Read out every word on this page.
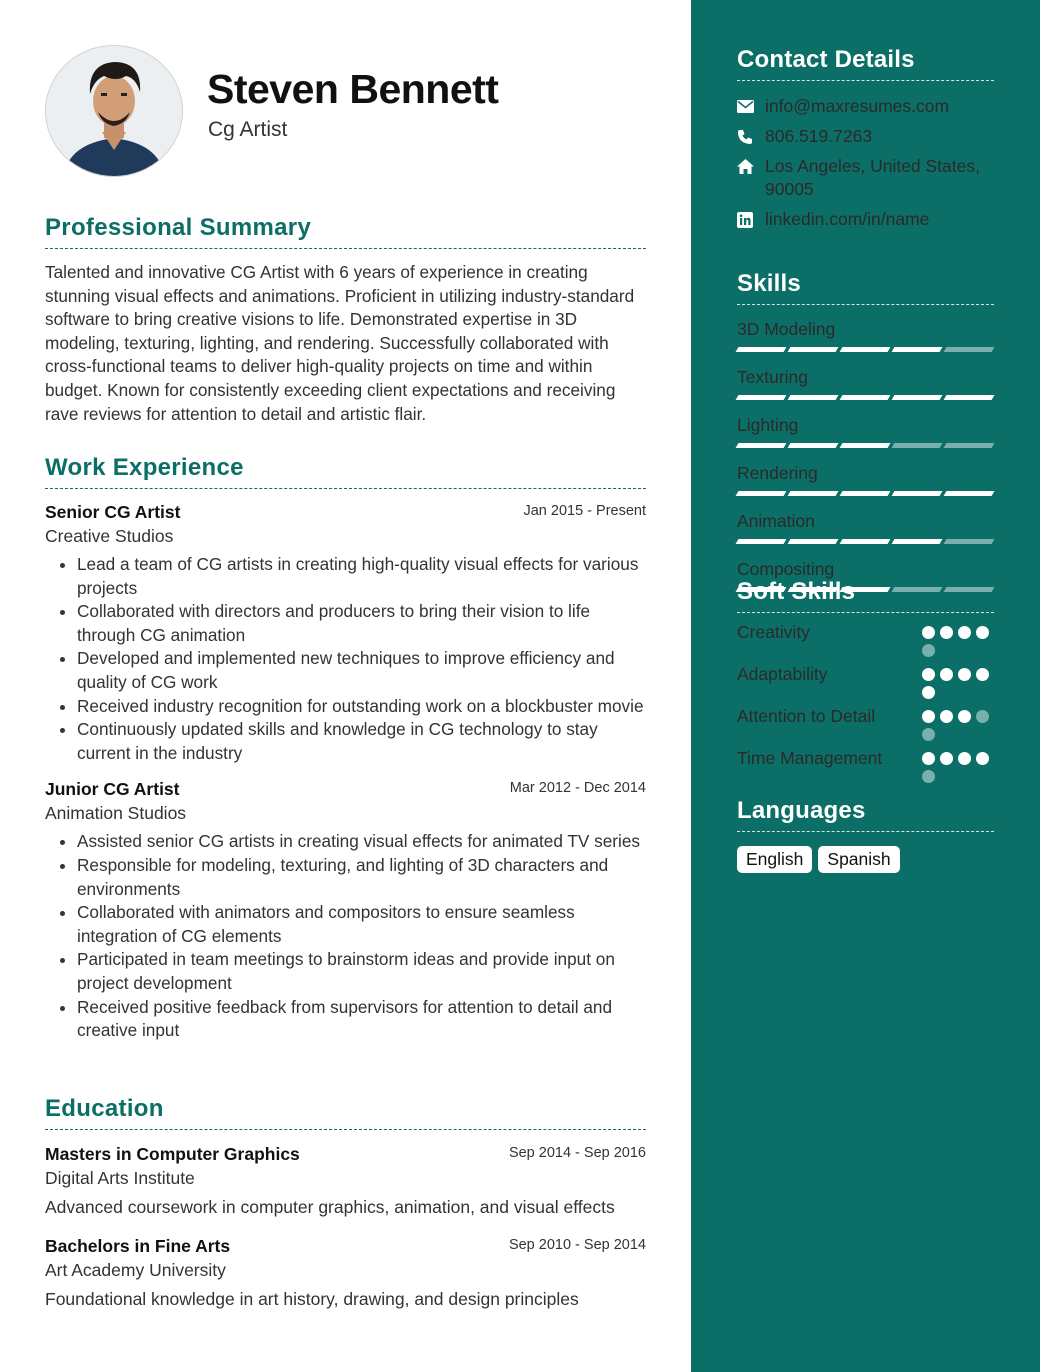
Steven Bennett
Cg Artist
Professional Summary

Talented and innovative CG Artist with 6 years of experience in creating stunning visual effects and animations. Proficient in utilizing industry-standard software to bring creative visions to life. Demonstrated expertise in 3D modeling, texturing, lighting, and rendering. Successfully collaborated with cross-functional teams to deliver high-quality projects on time and within budget. Known for consistently exceeding client expectations and receiving rave reviews for attention to detail and artistic flair.

Work Experience
Senior CG Artist	Jan 2015 - Present
Creative Studios
• Lead a team of CG artists in creating high-quality visual effects for various projects
• Collaborated with directors and producers to bring their vision to life through CG animation
• Developed and implemented new techniques to improve efficiency and quality of CG work
• Received industry recognition for outstanding work on a blockbuster movie
• Continuously updated skills and knowledge in CG technology to stay current in the industry
Junior CG Artist	Mar 2012 - Dec 2014
Animation Studios
• Assisted senior CG artists in creating visual effects for animated TV series
• Responsible for modeling, texturing, and lighting of 3D characters and environments
• Collaborated with animators and compositors to ensure seamless integration of CG elements
• Participated in team meetings to brainstorm ideas and provide input on project development
• Received positive feedback from supervisors for attention to detail and creative input
Education
Masters in Computer Graphics	Sep 2014 - Sep 2016
Digital Arts Institute
Advanced coursework in computer graphics, animation, and visual effects
Bachelors in Fine Arts	Sep 2010 - Sep 2014
Art Academy University
Foundational knowledge in art history, drawing, and design principles
Contact Details
info@maxresumes.com
806.519.7263
Los Angeles, United States, 90005
linkedin.com/in/name
Skills
3D Modeling
Texturing
Lighting
Rendering
Animation
Compositing
Soft Skills
Creativity
Adaptability
Attention to Detail
Time Management
Languages
English	Spanish
